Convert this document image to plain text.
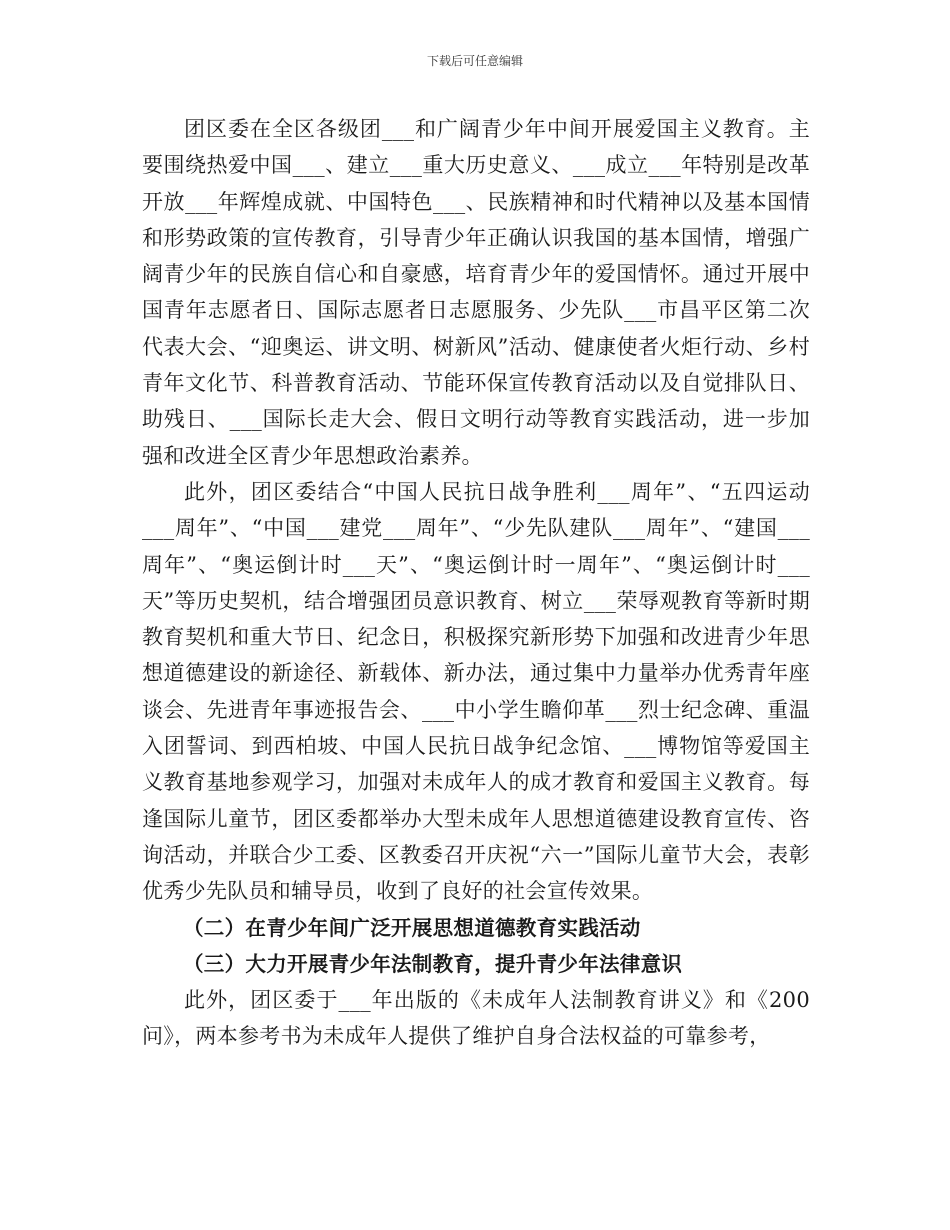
下载后可任意编辑

团区委在全区各级团___和广阔青少年中间开展爱国主义教育。主要围绕热爱中国___、建立___重大历史意义、___成立___年特别是改革开放___年辉煌成就、中国特色___、民族精神和时代精神以及基本国情和形势政策的宣传教育，引导青少年正确认识我国的基本国情，增强广阔青少年的民族自信心和自豪感，培育青少年的爱国情怀。通过开展中国青年志愿者日、国际志愿者日志愿服务、少先队___市昌平区第二次代表大会、“迎奥运、讲文明、树新风”活动、健康使者火炬行动、乡村青年文化节、科普教育活动、节能环保宣传教育活动以及自觉排队日、助残日、___国际长走大会、假日文明行动等教育实践活动，进一步加强和改进全区青少年思想政治素养。

此外，团区委结合“中国人民抗日战争胜利___周年”、“五四运动___周年”、“中国___建党___周年”、“少先队建队___周年”、“建国___周年”、“奥运倒计时___天”、“奥运倒计时一周年”、“奥运倒计时___天”等历史契机，结合增强团员意识教育、树立___荣辱观教育等新时期教育契机和重大节日、纪念日，积极探究新形势下加强和改进青少年思想道德建设的新途径、新载体、新办法，通过集中力量举办优秀青年座谈会、先进青年事迹报告会、___中小学生瞻仰革___烈士纪念碑、重温入团誓词、到西柏坡、中国人民抗日战争纪念馆、___博物馆等爱国主义教育基地参观学习，加强对未成年人的成才教育和爱国主义教育。每逢国际儿童节，团区委都举办大型未成年人思想道德建设教育宣传、咨询活动，并联合少工委、区教委召开庆祝“六一”国际儿童节大会，表彰优秀少先队员和辅导员，收到了良好的社会宣传效果。

（二）在青少年间广泛开展思想道德教育实践活动

（三）大力开展青少年法制教育，提升青少年法律意识

此外，团区委于___年出版的《未成年人法制教育讲义》和《200问》，两本参考书为未成年人提供了维护自身合法权益的可靠参考，
